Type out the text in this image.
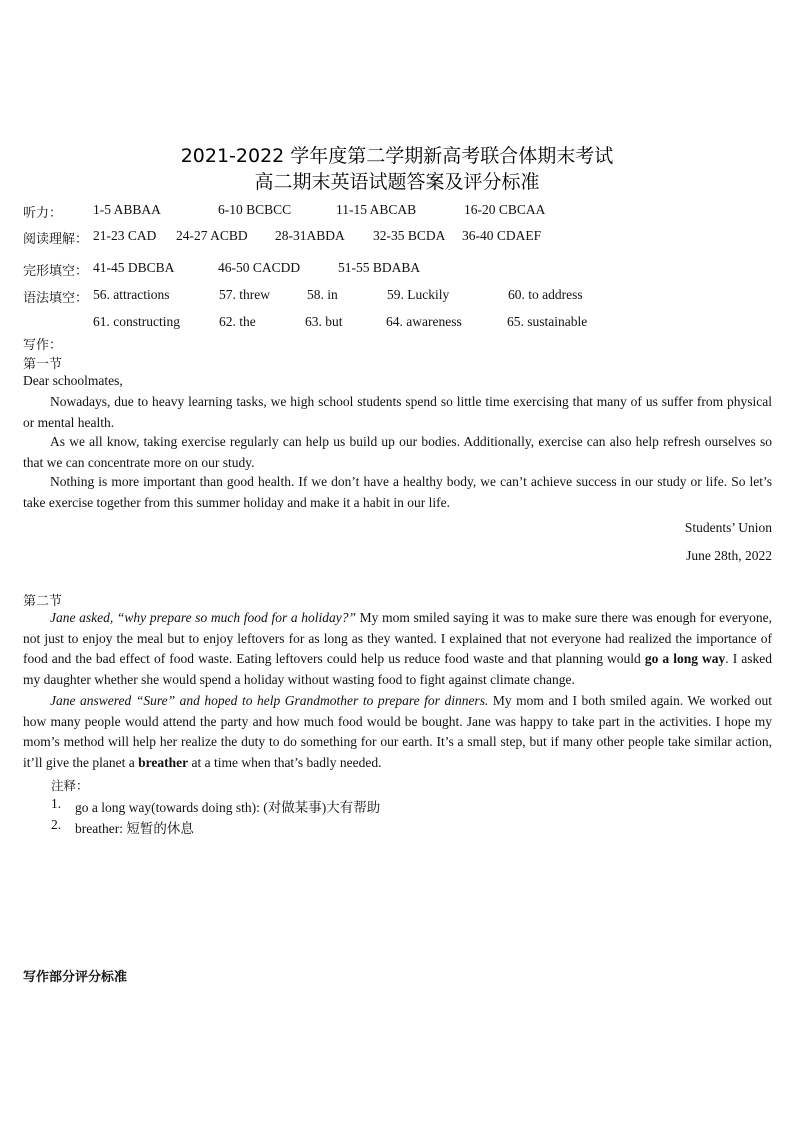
2021-2022 学年度第二学期新高考联合体期末考试
高二期末英语试题答案及评分标准
听力： 1-5 ABBAA	6-10 BCBCC	11-15 ABCAB	16-20 CBCAA
阅读理解： 21-23 CAD 24-27 ACBD 28-31ABDA 32-35 BCDA 36-40 CDAEF
完形填空： 41-45 DBCBA	46-50 CACDD	51-55 BDABA
语法填空： 56. attractions	57. threw	58. in	59. Luckily	60. to address
61. constructing	62. the	63. but	64. awareness	65. sustainable
写作：
第一节
Dear schoolmates,
Nowadays, due to heavy learning tasks, we high school students spend so little time exercising that many of us suffer from physical or mental health.
As we all know, taking exercise regularly can help us build up our bodies. Additionally, exercise can also help refresh ourselves so that we can concentrate more on our study.
Nothing is more important than good health. If we don’t have a healthy body, we can’t achieve success in our study or life. So let’s take exercise together from this summer holiday and make it a habit in our life.
Students’ Union
June 28th, 2022
第二节
Jane asked, “why prepare so much food for a holiday?” My mom smiled saying it was to make sure there was enough for everyone, not just to enjoy the meal but to enjoy leftovers for as long as they wanted. I explained that not everyone had realized the importance of food and the bad effect of food waste. Eating leftovers could help us reduce food waste and that planning would go a long way. I asked my daughter whether she would spend a holiday without wasting food to fight against climate change.
Jane answered “Sure” and hoped to help Grandmother to prepare for dinners. My mom and I both smiled again. We worked out how many people would attend the party and how much food would be bought. Jane was happy to take part in the activities. I hope my mom’s method will help her realize the duty to do something for our earth. It’s a small step, but if many other people take similar action, it’ll give the planet a breather at a time when that’s badly needed.
注释：
1. go a long way(towards doing sth): (对做某事)大有帮助
2. breather: 短暂的休息
写作部分评分标准
